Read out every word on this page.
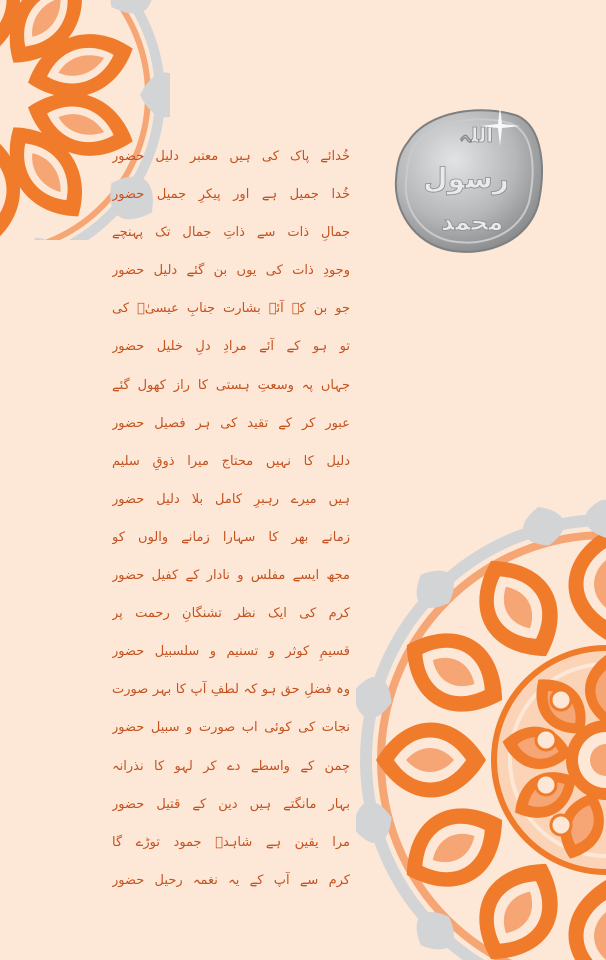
اللہ
رسول
محمد
خُدائے پاک کی ہیں معتبر دلیل حضور
خُدا جمیل ہے اور پیکرِ جمیل حضور
جمالِ ذات سے ذاتِ جمال تک پہنچے
وجودِ ذات کی یوں بن گئے دلیل حضور
جو بن کے آئے بشارت جنابِ عیسیٰؑ کی
تو ہو کے آئے مرادِ دلِ خلیل حضور
جہاں پہ وسعتِ ہستی کا راز کھول گئے
عبور کر کے تقید کی ہر فصیل حضور
دلیل کا نہیں محتاج میرا ذوقِ سلیم
ہیں میرے رہبرِ کامل بلا دلیل حضور
زمانے بھر کا سہارا زمانے والوں کو
مجھ ایسے مفلس و نادار کے کفیل حضور
کرم کی ایک نظر تشنگانِ رحمت پر
قسیمِ کوثر و تسنیم و سلسبیل حضور
وہ فضلِ حق ہو کہ لطفِ آپ کا بہر صورت
نجات کی کوئی اب صورت و سبیل حضور
چمن کے واسطے دے کر لہو کا نذرانہ
بہار مانگتے ہیں دین کے قتیل حضور
مرا یقین ہے شاہدؔ جمود توڑے گا
کرم سے آپ کے یہ نغمہ رحیل حضور
